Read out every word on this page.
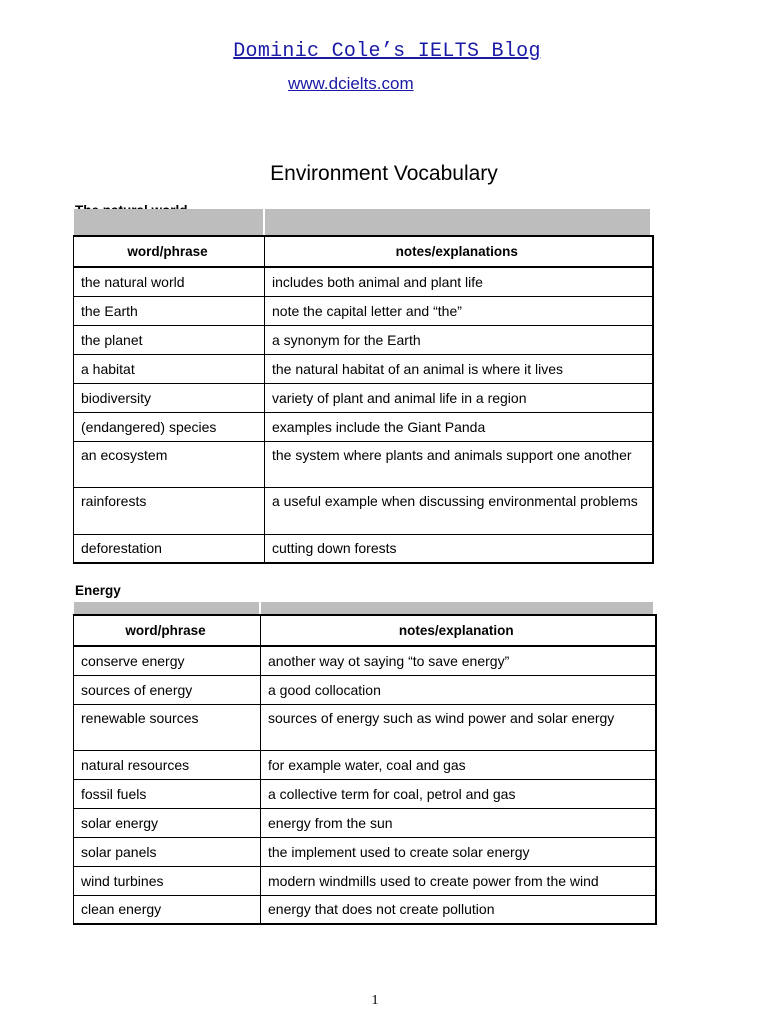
Dominic Cole’s IELTS Blog
www.dcielts.com
Environment Vocabulary
word/phrase	notes/explanations
the natural world	includes both animal and plant life
the Earth	note the capital letter and “the”
the planet	a synonym for the Earth
a habitat	the natural habitat of an animal is where it lives
biodiversity	variety of plant and animal life in a region
(endangered) species	examples include the Giant Panda
an ecosystem	the system where plants and animals support one another
rainforests	a useful example when discussing environmental problems
deforestation	cutting down forests
Energy
word/phrase	notes/explanation
conserve energy	another way ot saying “to save energy”
sources of energy	a good collocation
renewable sources	sources of energy such as wind power and solar energy
natural resources	for example water, coal and gas
fossil fuels	a collective term for coal, petrol and gas
solar energy	energy from the sun
solar panels	the implement used to create solar energy
wind turbines	modern windmills used to create power from the wind
clean energy	energy that does not create pollution
1
